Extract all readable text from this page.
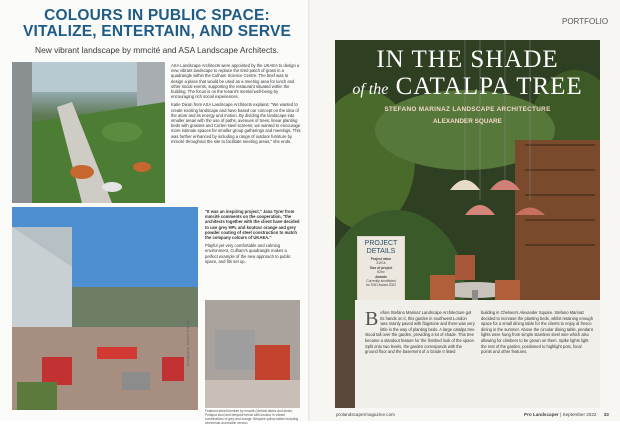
COLOURS IN PUBLIC SPACE:
VITALIZE, ENTERTAIN, AND SERVE
New vibrant landscape by mmcité and ASA Landscape Architects.

ASA Landscape Architects were appointed by the UKAEA to design a new vibrant landscape to replace the tired patch of grass in a quadrangle within the Culham Science Centre. The brief was to design a place that would be used as a meeting area for lunch and other social events, supporting the restaurant situated within the building. The focus is on the tenant's mental well-being by encouraging rich social experiences.

Katie Dixon from ASA Landscape Architects explains: "We wanted to create exciting landscape and have based our concept on the idea of the atom and its energy and motion. By dividing the landscape into smaller areas with the use of paths, avenues of trees, linear planting beds with grasses and Corten steel screens, we wanted to encourage more intimate spaces for smaller group gatherings and meetings. This was further enhanced by including a range of outdoor furniture by mmcité throughout the site to facilitate meeting areas," she ends.

"It was an inspiring project," Jana Tyrer from mmcité comments on the cooperation, "the architects together with the client have decided to use grey HPL and koutour orange and grey powder coating of steel construction to match the company colours of UKAEA."

Playful yet very comfortable and calming environment, Culham's quadrangle makes a perfect example of the new approach to public space, and fits set up.

photography: Dwayne Graham
Featured street furniture by mmcité (Vertical tables and stools, Portiqoa stool and bespoke bench with koutour in vibrant combinations of grey and orange. Bespoke yellow tables including wheelchair-accessible version.
PORTFOLIO
IN THE SHADE
of the CATALPA TREE
STEFANO MARINAZ LANDSCAPE ARCHITECTURE
ALEXANDER SQUARE
PROJECT
DETAILS
Project value
£101k
Size of project
82m²
Awards
Currently shortlisted
for SGD Award 2022
Before Stefano Marinaz Landscape Architecture got its hands on it, this garden in southwest London was mainly paved with flagstone and there was very little in the way of planting beds. A large catalpa tree stood tall over the garden, providing a lot of shade. This tree became a standout feature for the finished look of the space. Split onto two levels, the garden corresponds with the ground floor and the basement of a Grade II listed
building in Chelsea's Alexander Square. Stefano Marinaz decided to increase the planting beds, whilst retaining enough space for a small dining table for the clients to enjoy al fresco dining in the summer. Above the circular dining table, pendant lights were hung from simple stainless steel wire which also allowing for climbers to be grown on them. Spike lights light the rest of the garden, positioned to highlight pots, focal points and other features.
prolandscapermagazine.com	Pro Landscaper | September 2022 33
